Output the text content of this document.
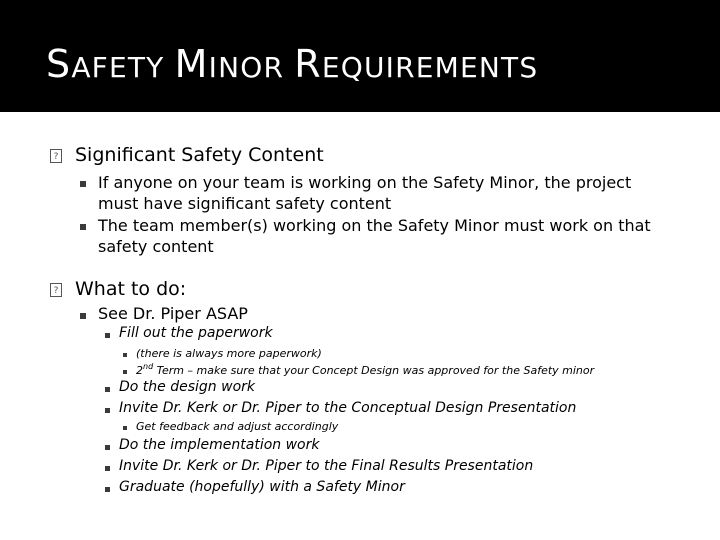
SAFETY MINOR REQUIREMENTS
? Significant Safety Content
If anyone on your team is working on the Safety Minor, the project
must have significant safety content
The team member(s) working on the Safety Minor must work on that
safety content
? What to do:
See Dr. Piper ASAP
Fill out the paperwork
(there is always more paperwork)
2nd Term – make sure that your Concept Design was approved for the Safety minor
Do the design work
Invite Dr. Kerk or Dr. Piper to the Conceptual Design Presentation
Get feedback and adjust accordingly
Do the implementation work
Invite Dr. Kerk or Dr. Piper to the Final Results Presentation
Graduate (hopefully) with a Safety Minor
